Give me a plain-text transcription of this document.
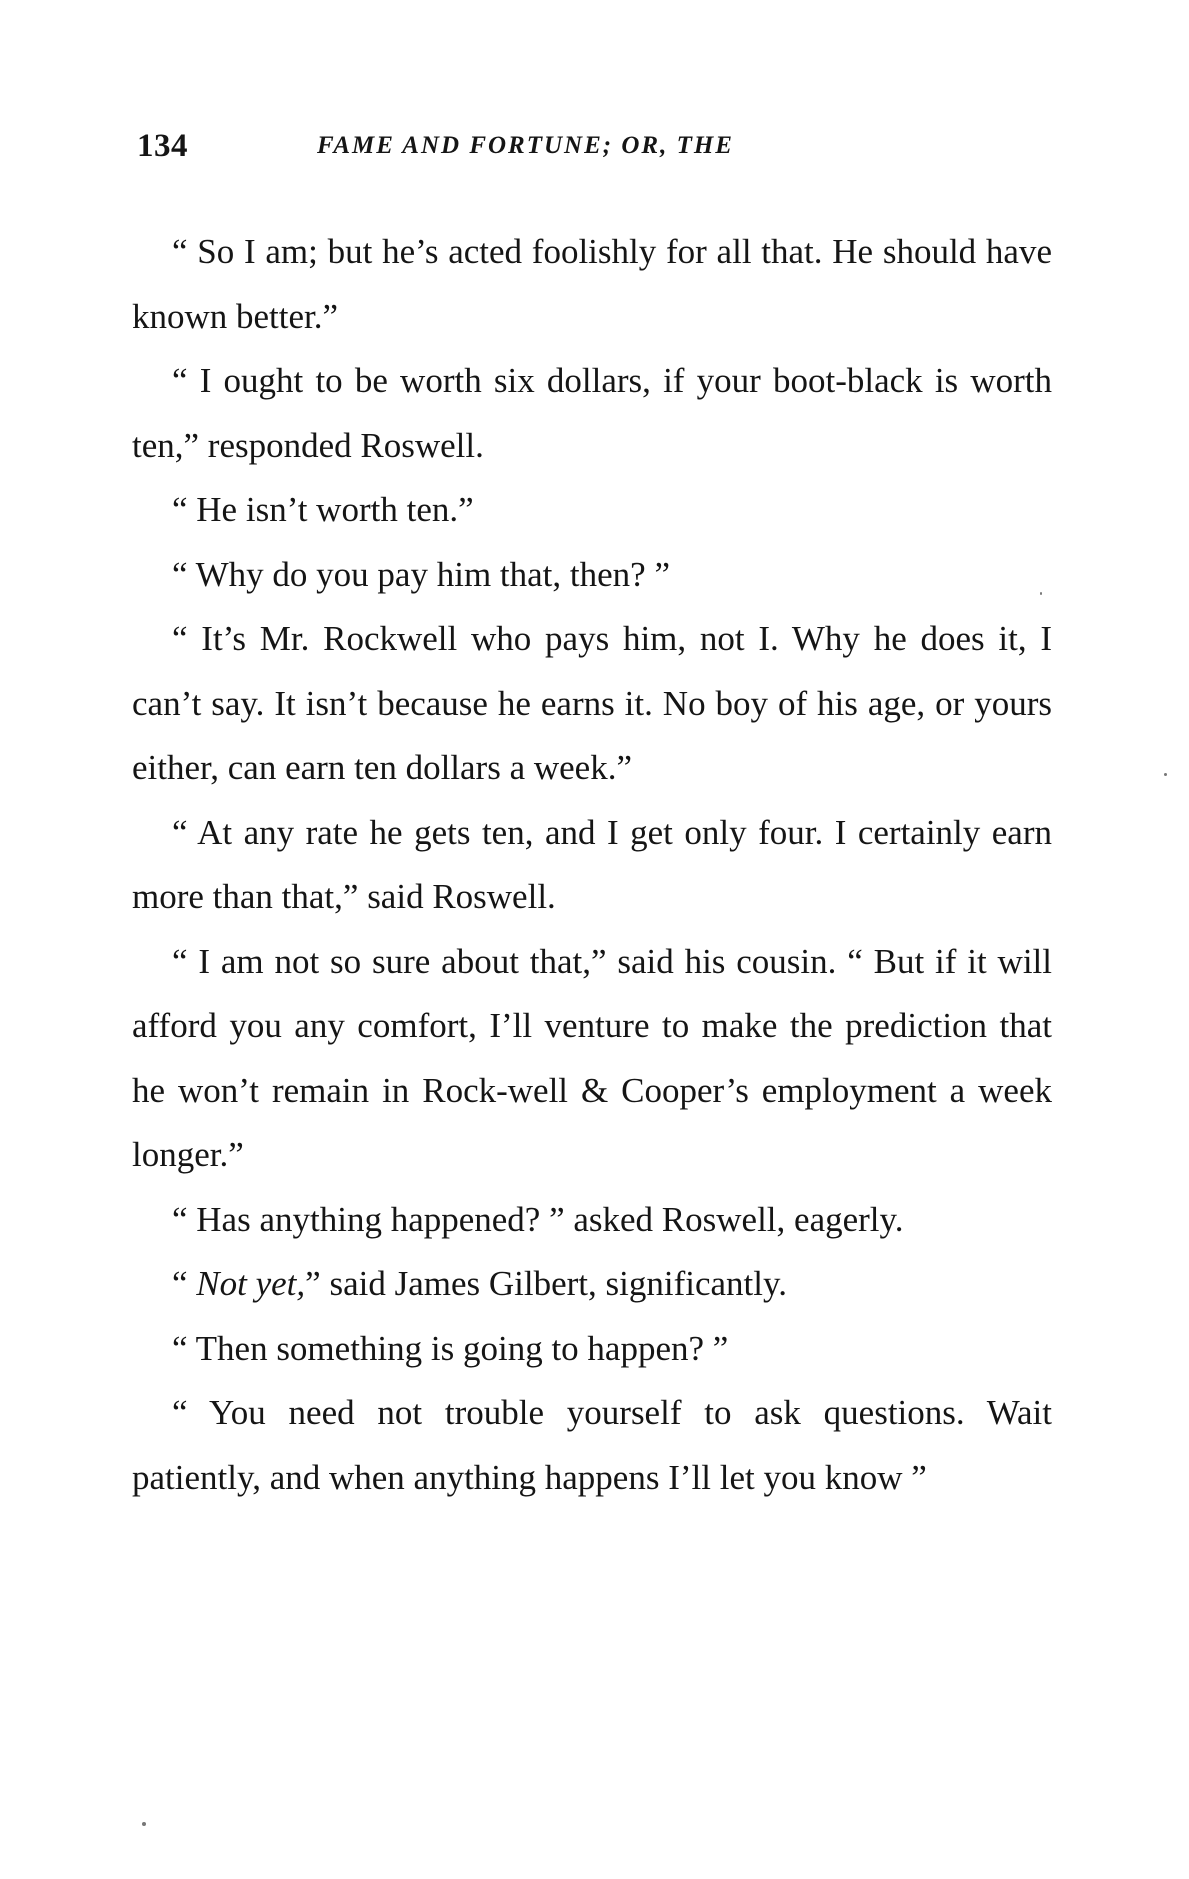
134	FAME AND FORTUNE; OR, THE

“ So I am; but he’s acted foolishly for all that. He should have known better.”

“ I ought to be worth six dollars, if your boot-black is worth ten,” responded Roswell.

“ He isn’t worth ten.”

“ Why do you pay him that, then? ”

“ It’s Mr. Rockwell who pays him, not I. Why he does it, I can’t say. It isn’t because he earns it. No boy of his age, or yours either, can earn ten dollars a week.”

“ At any rate he gets ten, and I get only four. I certainly earn more than that,” said Roswell.

“ I am not so sure about that,” said his cousin. “ But if it will afford you any comfort, I’ll venture to make the prediction that he won’t remain in Rock-well & Cooper’s employment a week longer.”

“ Has anything happened? ” asked Roswell, eagerly.

“ Not yet,” said James Gilbert, significantly.

“ Then something is going to happen? ”

“ You need not trouble yourself to ask questions. Wait patiently, and when anything happens I’ll let you know ”
